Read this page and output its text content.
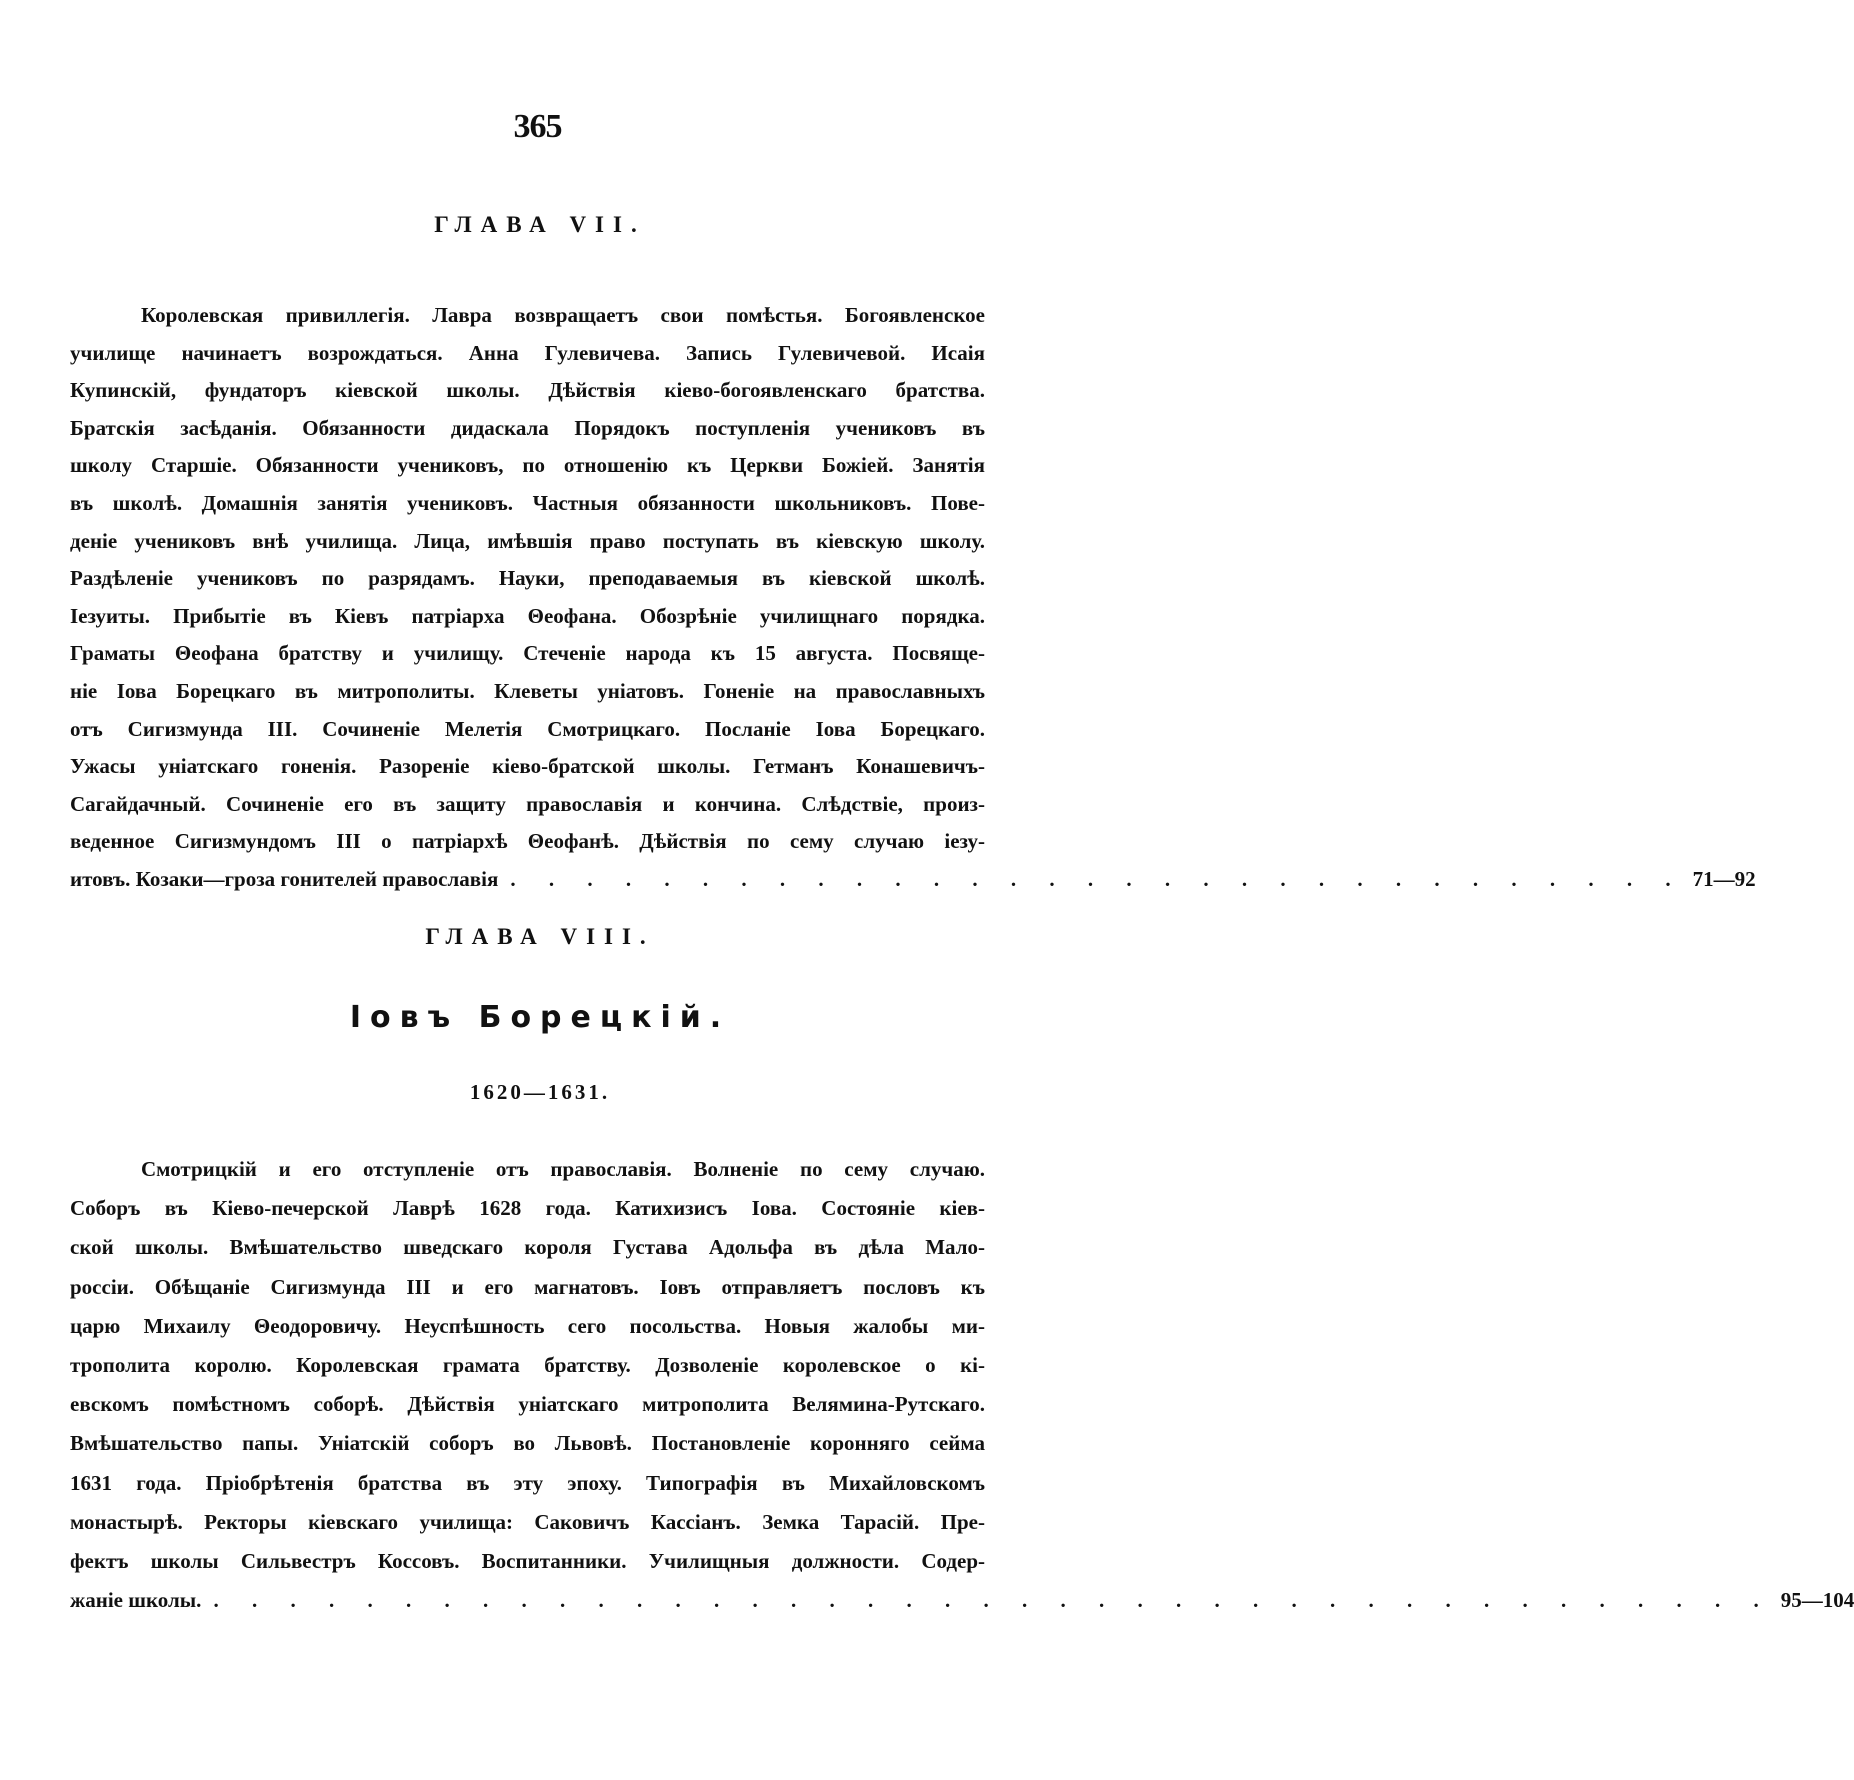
365
ГЛАВА VII.
Королевская привиллегія. Лавра возвращаетъ свои помѣстья. Богоявленское
училище начинаетъ возрождаться. Анна Гулевичева. Запись Гулевичевой. Исаія
Купинскій, фундаторъ кіевской школы. Дѣйствія кіево-богоявленскаго братства.
Братскія засѣданія. Обязанности дидаскала Порядокъ поступленія учениковъ въ
школу Старшіе. Обязанности учениковъ, по отношенію къ Церкви Божіей. Занятія
въ школѣ. Домашнія занятія учениковъ. Частныя обязанности школьниковъ. Пове-
деніе учениковъ внѣ училища. Лица, имѣвшія право поступать въ кіевскую школу.
Раздѣленіе учениковъ по разрядамъ. Науки, преподаваемыя въ кіевской школѣ.
Іезуиты. Прибытіе въ Кіевъ патріарха Θеофана. Обозрѣніе училищнаго порядка.
Граматы Θеофана братству и училищу. Стеченіе народа къ 15 августа. Посвяще-
ніе Іова Борецкаго въ митрополиты. Клеветы уніатовъ. Гоненіе на православныхъ
отъ Сигизмунда III. Сочиненіе Мелетія Смотрицкаго. Посланіе Іова Борецкаго.
Ужасы уніатскаго гоненія. Разореніе кіево-братской школы. Гетманъ Конашевичъ-
Сагайдачный. Сочиненіе его въ защиту православія и кончина. Слѣдствіе, произ-
веденное Сигизмундомъ III о патріархѣ Θеофанѣ. Дѣйствія по сему случаю іезу-
итовъ. Козаки—гроза гонителей православія . . . . . . . . . . . . . . . . . . . . . . . . . . . . . . . 71—92
ГЛАВА VIII.
Іовъ Борецкій.
1620—1631.
Смотрицкій и его отступленіе отъ православія. Волненіе по сему случаю.
Соборъ въ Кіево-печерской Лаврѣ 1628 года. Катихизисъ Іова. Состояніе кіев-
ской школы. Вмѣшательство шведскаго короля Густава Адольфа въ дѣла Мало-
россіи. Обѣщаніе Сигизмунда III и его магнатовъ. Іовъ отправляетъ пословъ къ
царю Михаилу Θеодоровичу. Неуспѣшность сего посольства. Новыя жалобы ми-
трополита королю. Королевская грамата братству. Дозволеніе королевское о кі-
евскомъ помѣстномъ соборѣ. Дѣйствія уніатскаго митрополита Велямина-Рутскаго.
Вмѣшательство папы. Уніатскій соборъ во Львовѣ. Постановленіе коронняго сейма
1631 года. Пріобрѣтенія братства въ эту эпоху. Типографія въ Михайловскомъ
монастырѣ. Ректоры кіевскаго училища: Саковичъ Кассіанъ. Земка Тарасій. Пре-
фектъ школы Сильвестръ Коссовъ. Воспитанники. Училищныя должности. Содер-
жаніе школы. . . . . . . . . . . . . . . . . . . . . . . . . . . . . . . . . . . . . . . . . . 95—104
